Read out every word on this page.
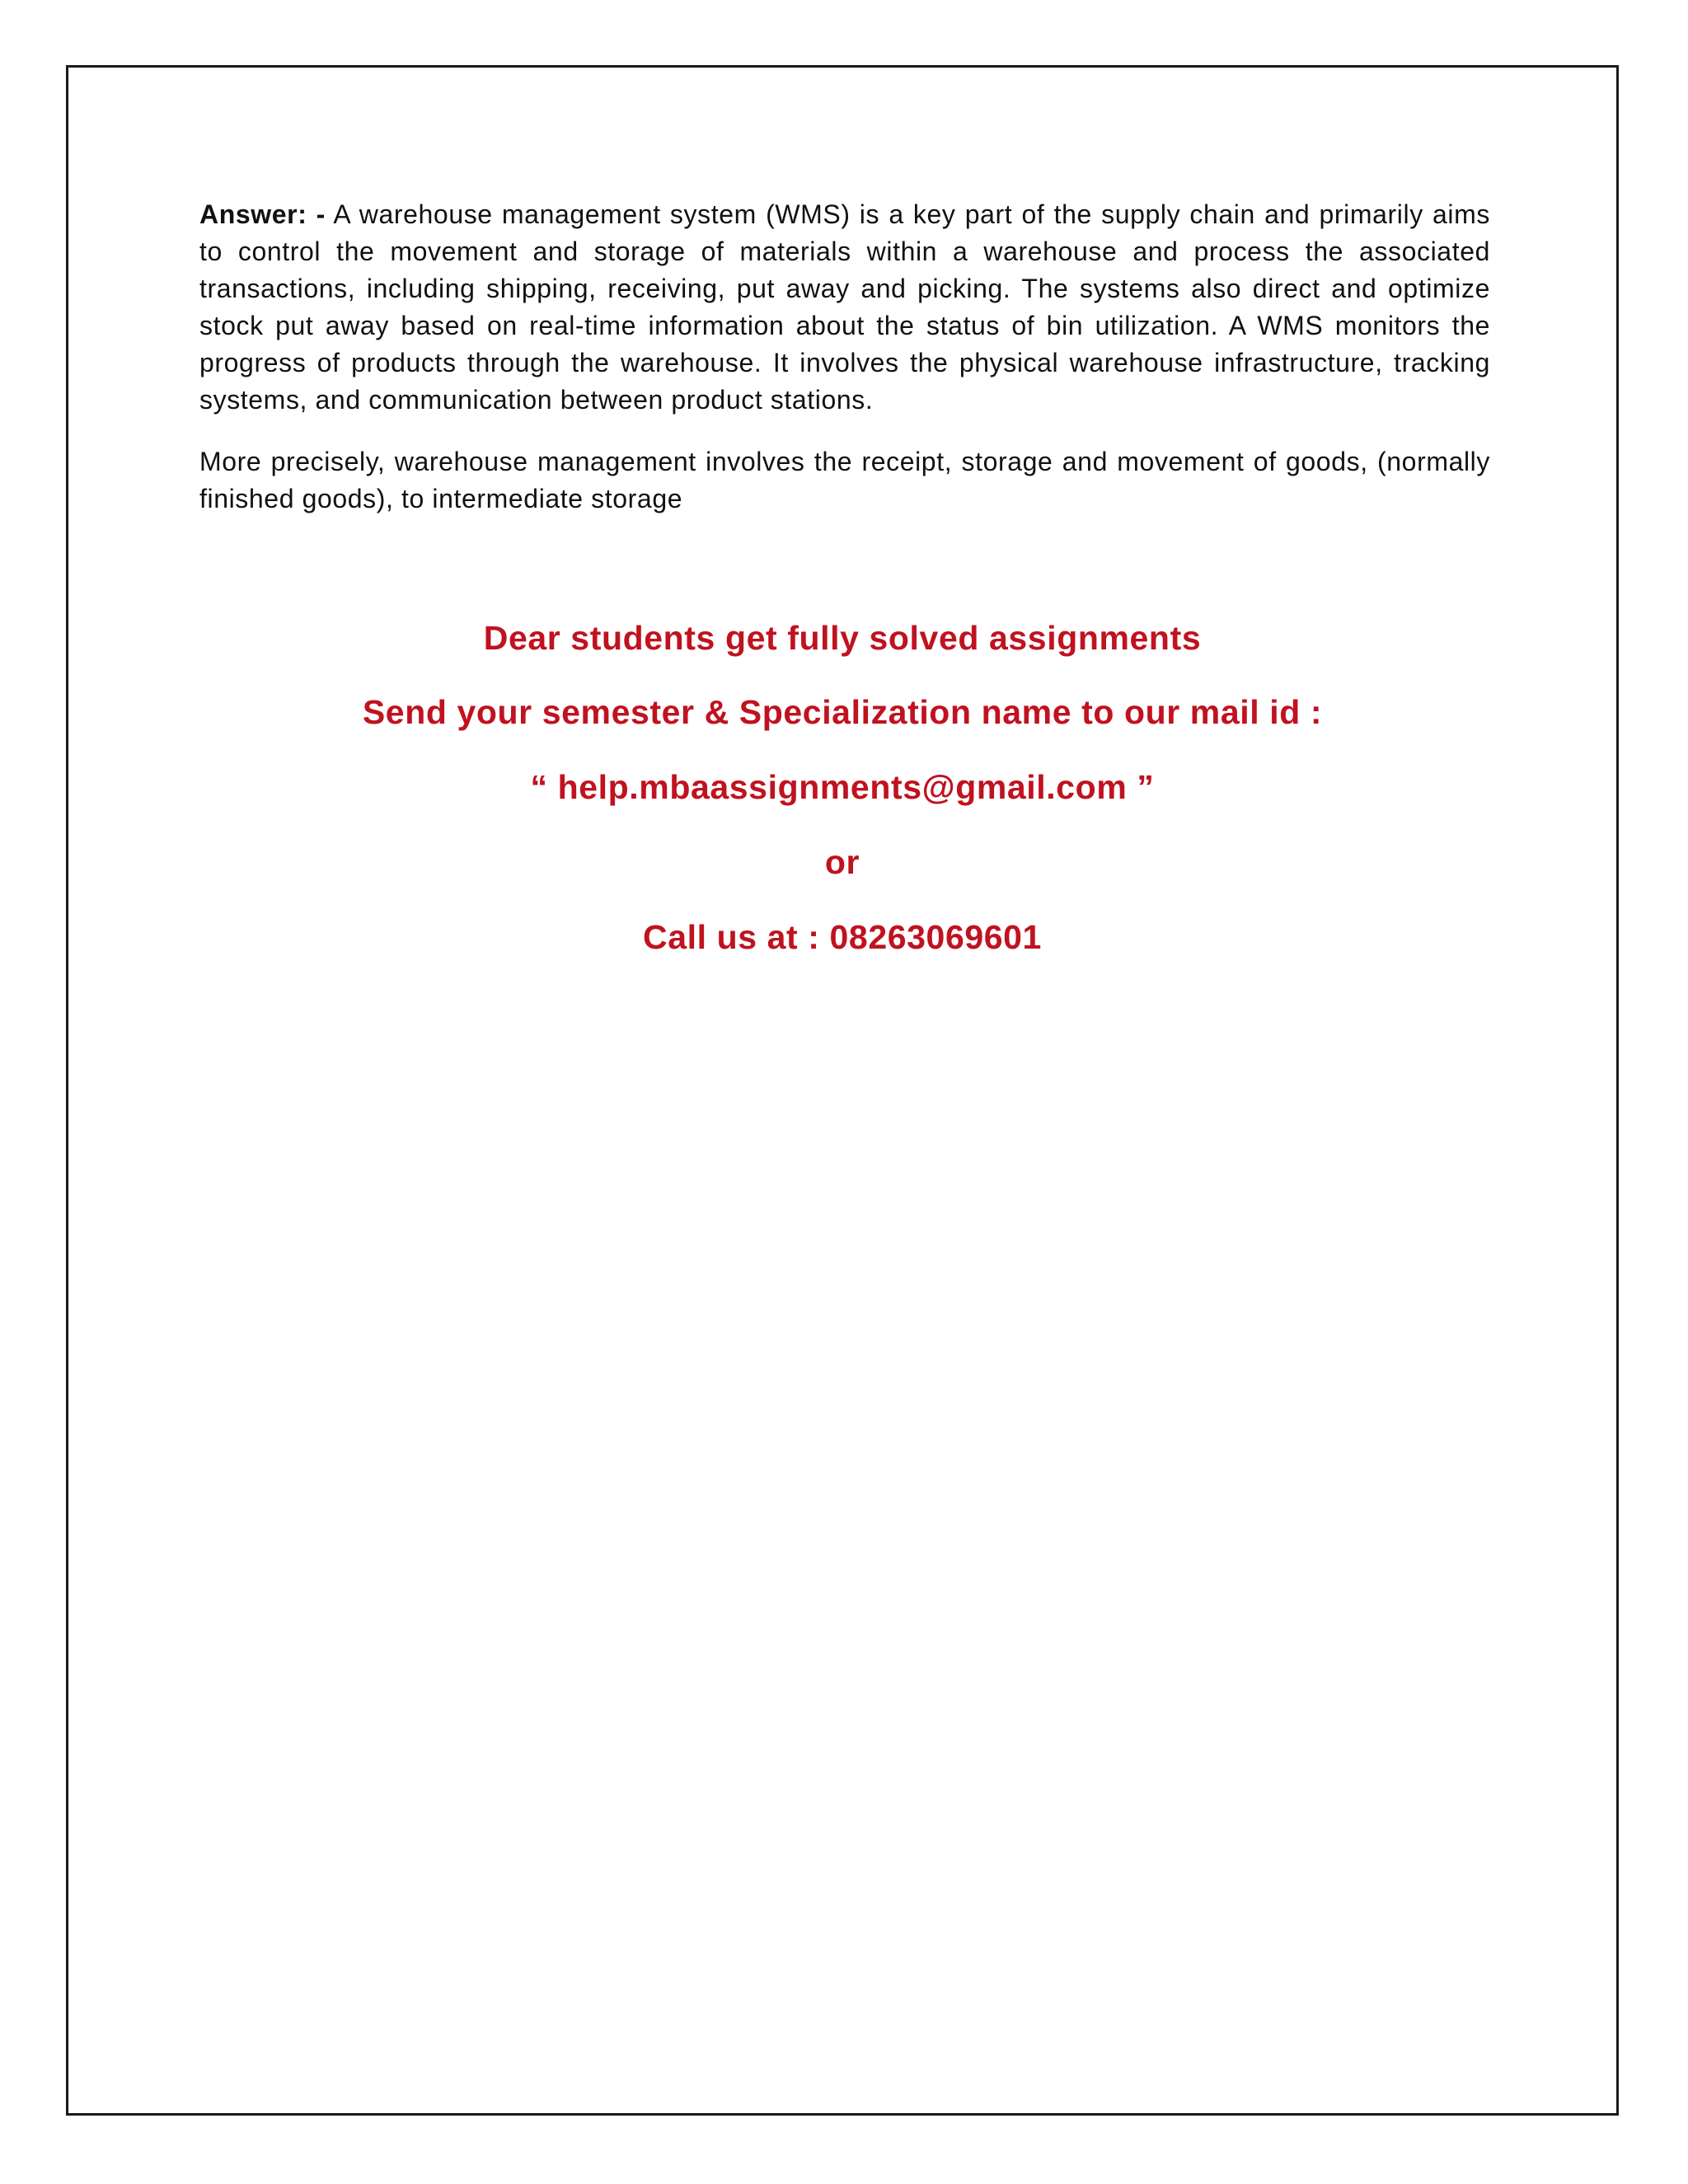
Answer: - A warehouse management system (WMS) is a key part of the supply chain and primarily aims to control the movement and storage of materials within a warehouse and process the associated transactions, including shipping, receiving, put away and picking. The systems also direct and optimize stock put away based on real-time information about the status of bin utilization. A WMS monitors the progress of products through the warehouse. It involves the physical warehouse infrastructure, tracking systems, and communication between product stations.

More precisely, warehouse management involves the receipt, storage and movement of goods, (normally finished goods), to intermediate storage

Dear students get fully solved assignments
Send your semester & Specialization name to our mail id :
“ help.mbaassignments@gmail.com ”
or
Call us at : 08263069601
